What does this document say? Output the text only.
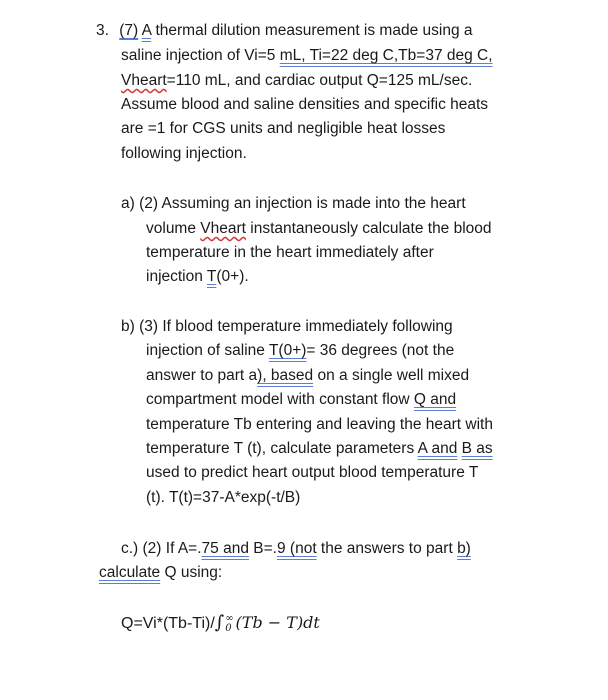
3. (7) A thermal dilution measurement is made using a
saline injection of Vi=5 mL, Ti=22 deg C,Tb=37 deg C,
Vheart=110 mL, and cardiac output Q=125 mL/sec.
Assume blood and saline densities and specific heats
are =1 for CGS units and negligible heat losses
following injection.
a) (2) Assuming an injection is made into the heart
volume Vheart instantaneously calculate the blood
temperature in the heart immediately after
injection T(0+).
b) (3) If blood temperature immediately following
injection of saline T(0+)= 36 degrees (not the
answer to part a), based on a single well mixed
compartment model with constant flow Q and
temperature Tb entering and leaving the heart with
temperature T (t), calculate parameters A and B as
used to predict heart output blood temperature T
(t). T(t)=37-A*exp(-t/B)
c.) (2) If A=.75 and B=.9 (not the answers to part b)
calculate Q using:
Q=Vi*(Tb-Ti)/∫ ∞
0 (Tb − T)dt
